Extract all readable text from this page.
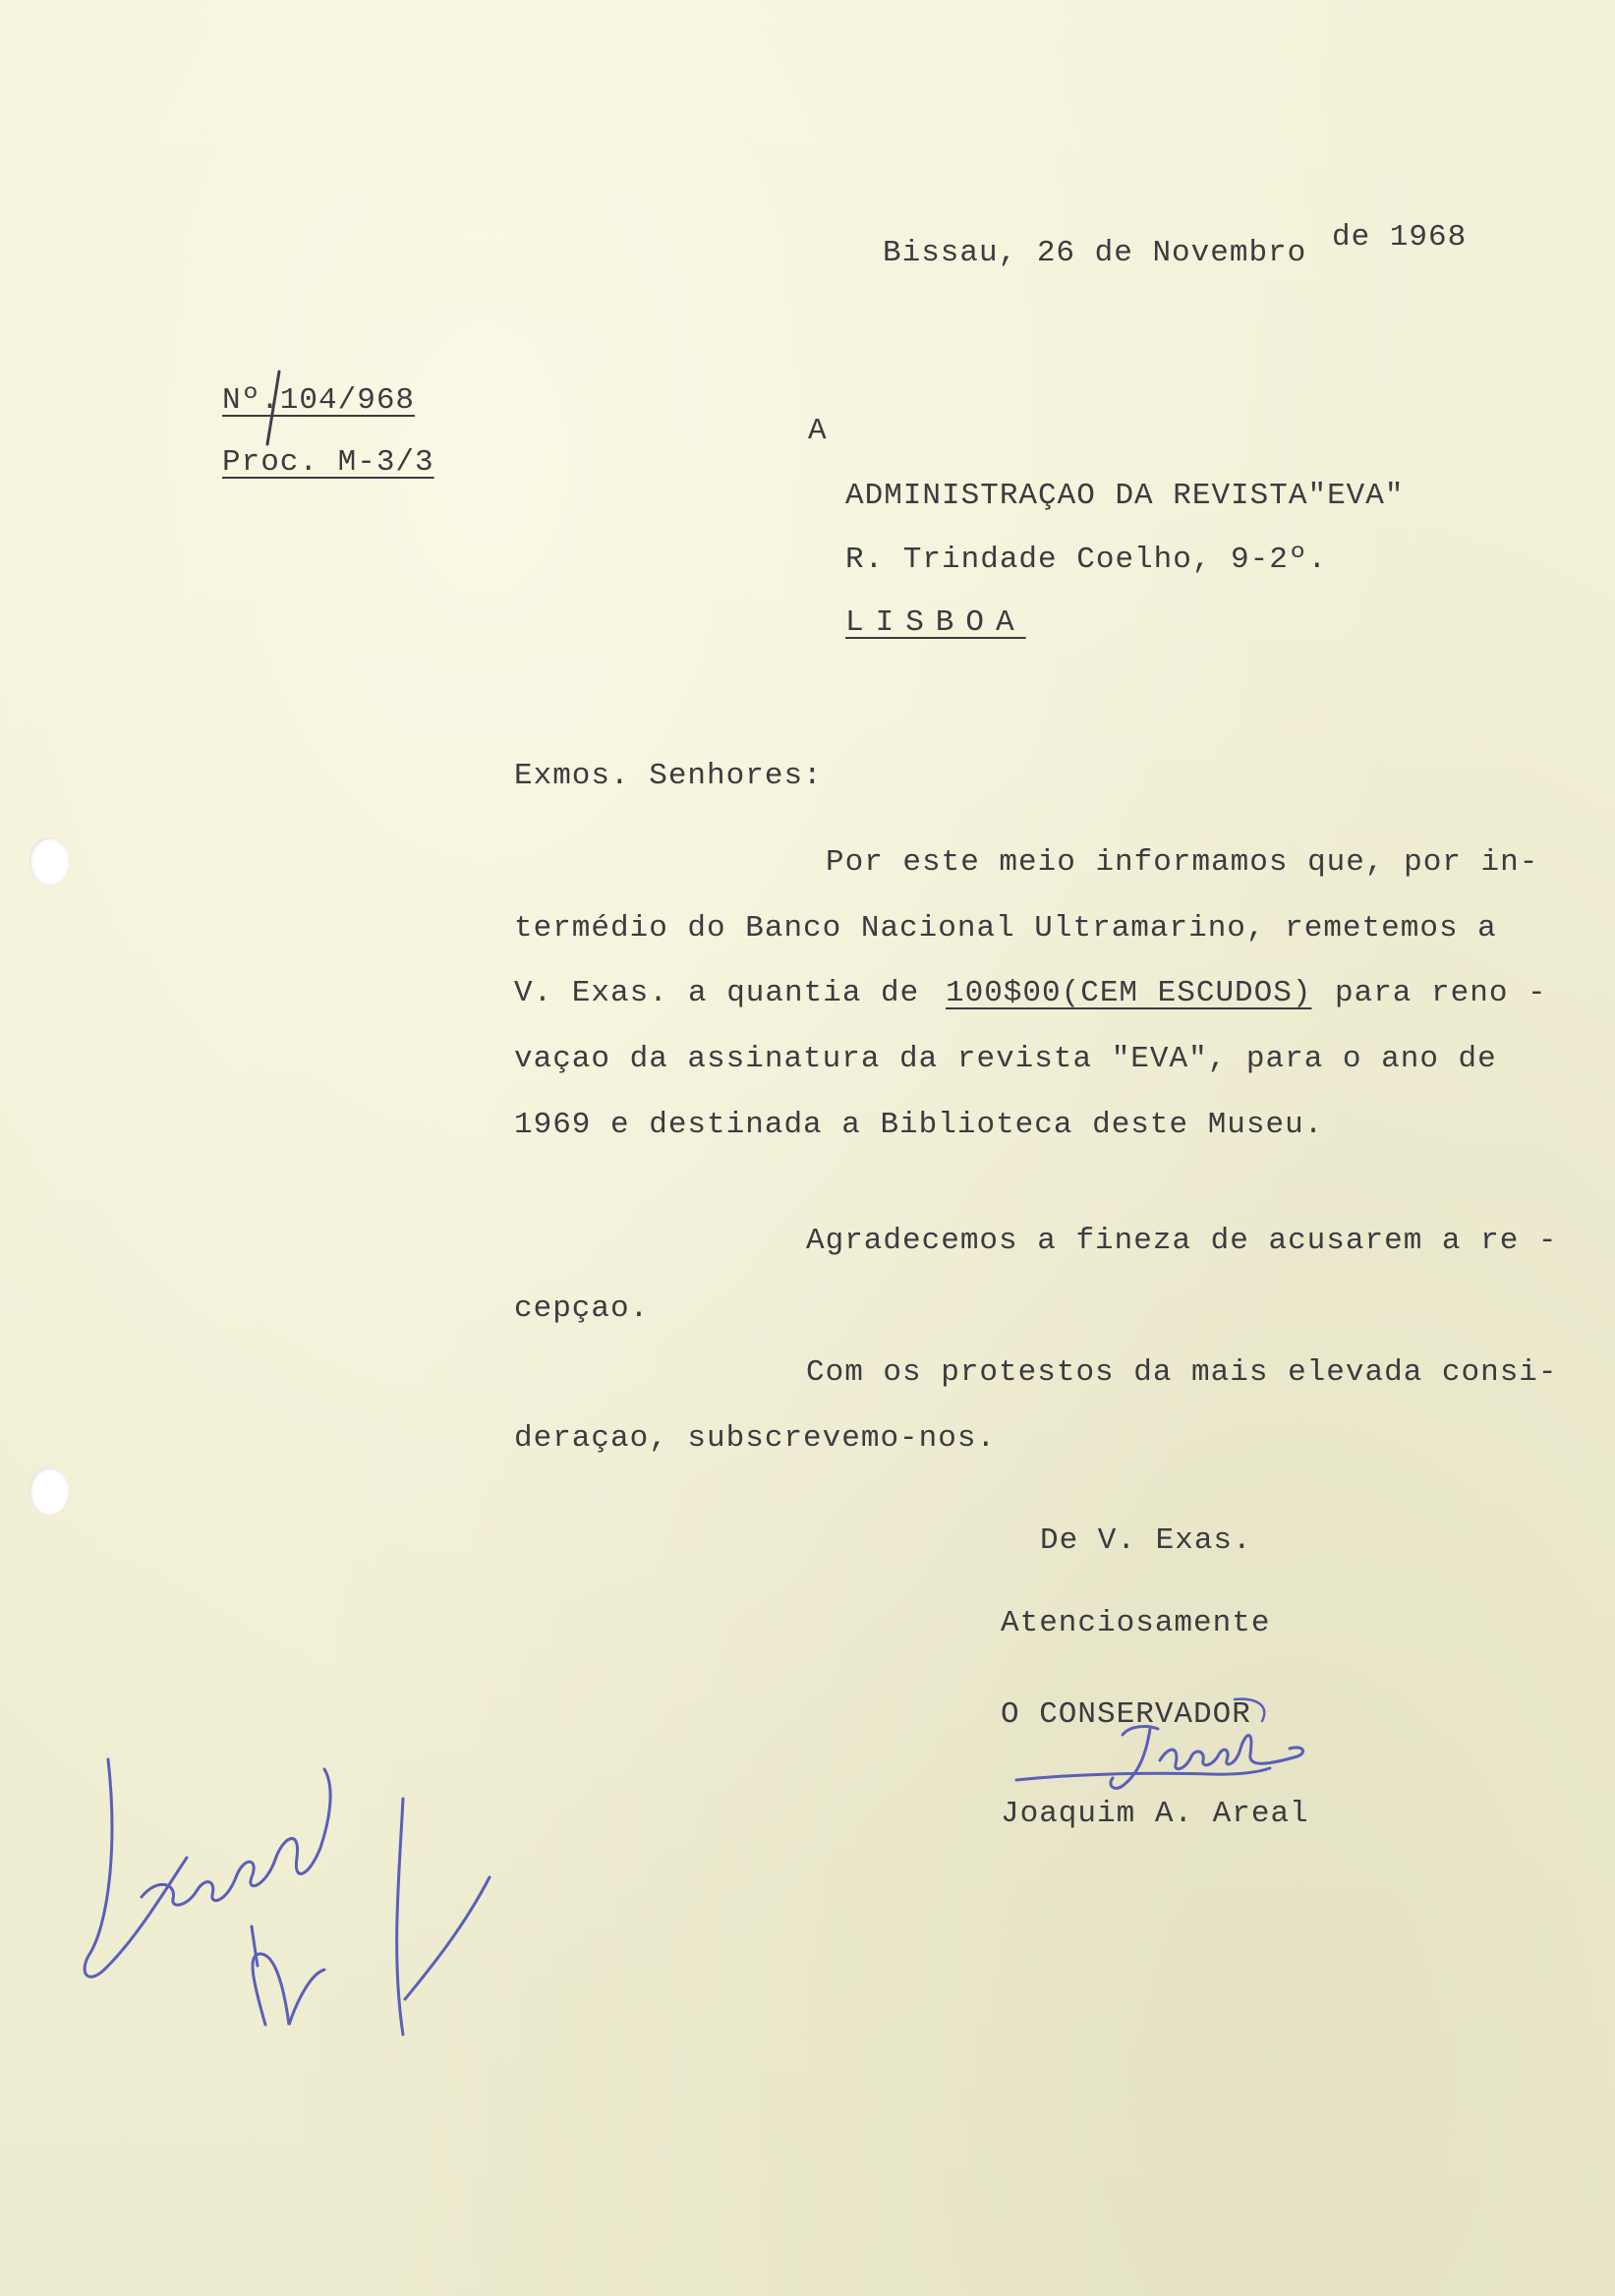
Bissau, 26 de Novembro de 1968
Nº.104/968
Proc. M-3/3
A
ADMINISTRAÇAO DA REVISTA"EVA"
R. Trindade Coelho, 9-2º.
LISBOA
Exmos. Senhores:
Por este meio informamos que, por in-
termédio do Banco Nacional Ultramarino, remetemos a
V. Exas. a quantia de 100$00(CEM ESCUDOS) para reno -
vaçao da assinatura da revista "EVA", para o ano de
1969 e destinada a Biblioteca deste Museu.
Agradecemos a fineza de acusarem a re -
cepçao.
Com os protestos da mais elevada consi-
deraçao, subscrevemo-nos.
De V. Exas.
Atenciosamente
O CONSERVADOR
Joaquim A. Areal
